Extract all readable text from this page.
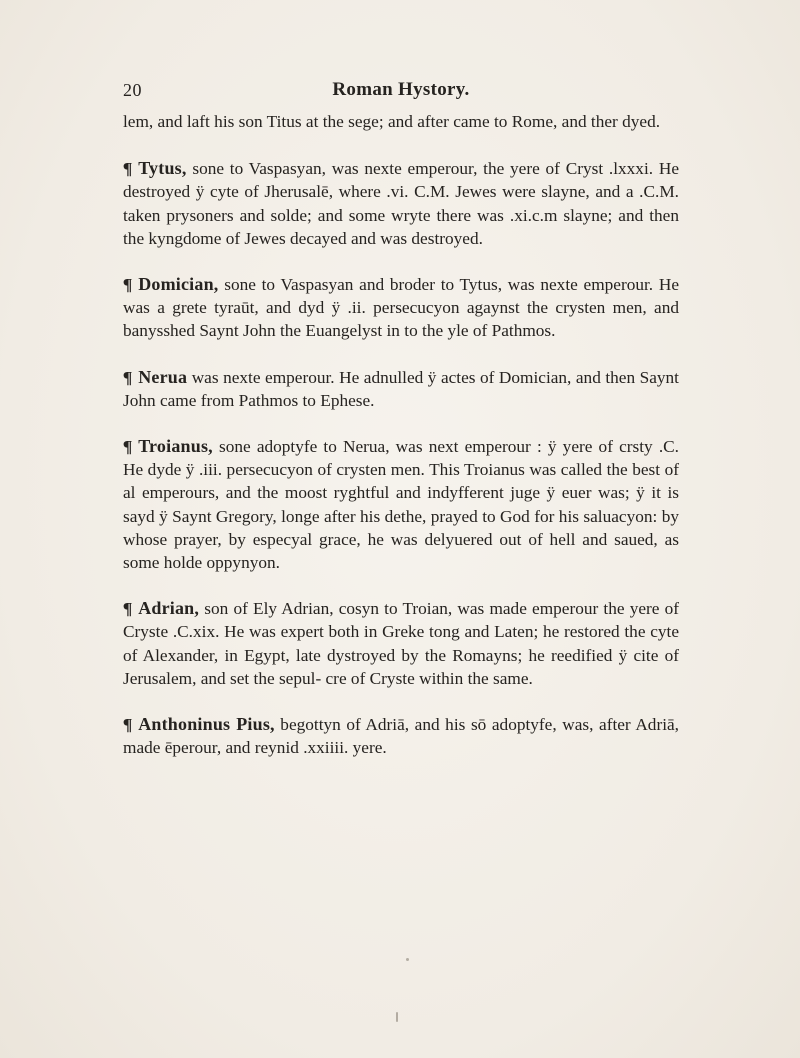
20	Roman Hystory.

lem, and laft his son Titus at the sege; and after came to Rome, and ther dyed.

¶ Tytus, sone to Vaspasyan, was nexte emperour, the yere of Cryst .lxxxi. He destroyed ÿ cyte of Jherusalē, where .vi. C.M. Jewes were slayne, and a .C.M. taken prysoners and solde; and some wryte there was .xi.c.m slayne; and then the kyngdome of Jewes decayed and was destroyed.

¶ Domician, sone to Vaspasyan and broder to Tytus, was nexte emperour. He was a grete tyraūt, and dyd ÿ .ii. persecucyon agaynst the crysten men, and banysshed Saynt John the Euangelyst in to the yle of Pathmos.

¶ Nerua was nexte emperour. He adnulled ÿ actes of Domician, and then Saynt John came from Pathmos to Ephese.

¶ Troianus, sone adoptyfe to Nerua, was next emperour : ÿ yere of crsty .C. He dyde ÿ .iii. persecucyon of crysten men. This Troianus was called the best of al emperours, and the moost ryghtful and indyfferent juge ÿ euer was; ÿ it is sayd ÿ Saynt Gregory, longe after his dethe, prayed to God for his saluacyon: by whose prayer, by especyal grace, he was delyuered out of hell and saued, as some holde oppynyon.

¶ Adrian, son of Ely Adrian, cosyn to Troian, was made emperour the yere of Cryste .C.xix. He was expert both in Greke tong and Laten; he restored the cyte of Alexander, in Egypt, late dystroyed by the Romayns; he reedified ÿ cite of Jerusalem, and set the sepul- cre of Cryste within the same.

¶ Anthoninus Pius, begottyn of Adriā, and his sō adoptyfe, was, after Adriā, made ēperour, and reynid .xxiiii. yere.
